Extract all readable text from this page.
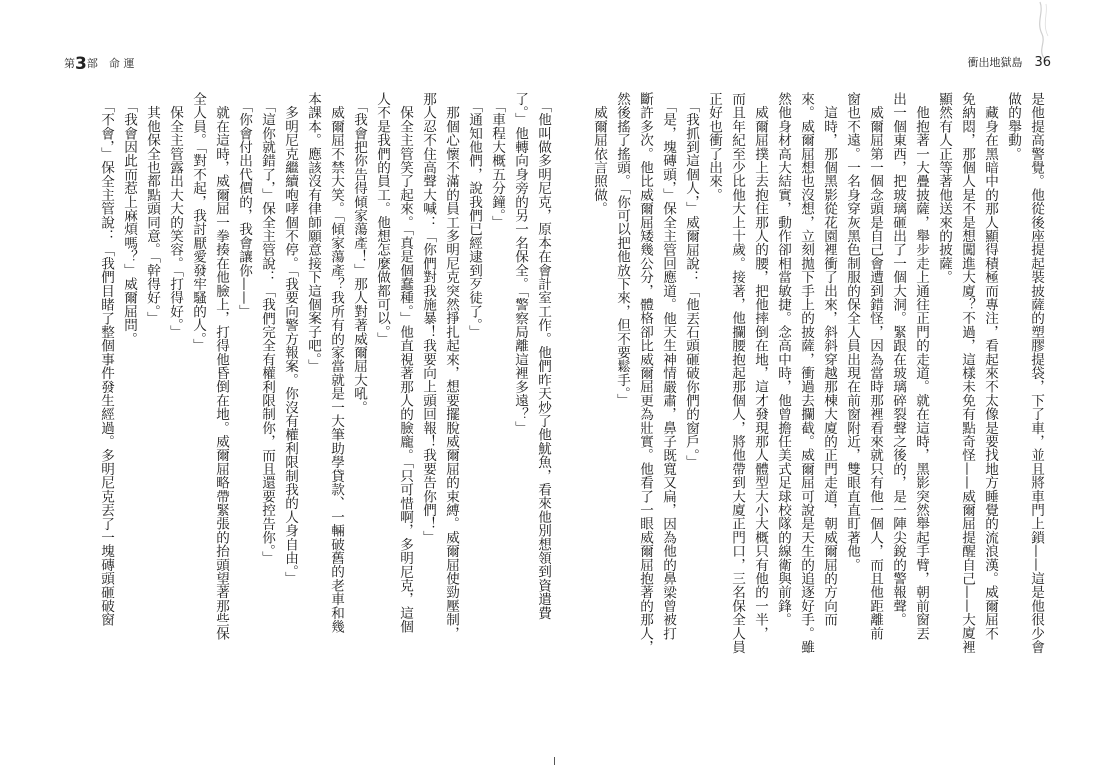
第3部　命 運	衝出地獄島 36
是他提高警覺。他從後座提起裝披薩的塑膠提袋，下了車，並且將車門上鎖——這是他很少會
做的舉動。
　藏身在黑暗中的那人顯得積極而專注，看起來不太像是要找地方睡覺的流浪漢。威爾屈不
免納悶，那個人是不是想闖進大廈？不過，這樣未免有點奇怪——威爾屈提醒自己——大廈裡
顯然有人正等著他送來的披薩。
　他抱著一大疊披薩，舉步走上通往正門的走道。就在這時，黑影突然舉起手臂，朝前窗丟
出一個東西，把玻璃砸出了一個大洞。緊跟在玻璃碎裂聲之後的，是一陣尖銳的警報聲。
　威爾屈第一個念頭是自己會遭到錯怪，因為當時那裡看來就只有他一個人，而且他距離前
窗也不遠。一名身穿灰黑色制服的保全人員出現在前窗附近，雙眼直直盯著他。
　這時，那個黑影從花園裡衝了出來，斜斜穿越那棟大廈的正門走道，朝威爾屈的方向而
來。威爾屈想也沒想，立刻拋下手上的披薩，衝過去攔截。威爾屈可說是天生的追逐好手。雖
然他身材高大結實，動作卻相當敏捷。念高中時，他曾擔任美式足球校隊的線衛與前鋒。
　威爾屈撲上去抱住那人的腰，把他摔倒在地，這才發現那人體型大小大概只有他的一半，
而且年紀至少比他大上十歲。接著，他攔腰抱起那個人，將他帶到大廈正門口，三名保全人員
正好也衝了出來。
　「我抓到這個人，」威爾屈說：「他丟石頭砸破你們的窗戶。」
　「是，塊磚頭，」保全主管回應道。他天生神情嚴肅，鼻子既寬又扁，因為他的鼻梁曾被打
斷許多次。他比威爾屈矮幾公分，體格卻比威爾屈更為壯實。他看了一眼威爾屈抱著的那人，
然後搖了搖頭。「你可以把他放下來，但不要鬆手。」
　威爾屈依言照做。
　「他叫做多明尼克，原本在會計室工作。他們昨天炒了他魷魚，看來他別想領到資遣費
了。」他轉向身旁的另一名保全。「警察局離這裡多遠？」
　「車程大概五分鐘。」
　「通知他們，說我們已經逮到歹徒了。」
　那個心懷不滿的員工多明尼克突然掙扎起來，想要擺脫威爾屈的束縛。威爾屈使勁壓制，
那人忍不住高聲大喊：「你們對我施暴！我要向上頭回報！我要告你們！」
　保全主管笑了起來。「真是個蠢種。」他直視著那人的臉龐。「只可惜啊，多明尼克，這個
人不是我們的員工。他想怎麼做都可以。」
　「我會把你告得傾家蕩產！」那人對著威爾屈大吼。
　威爾屈不禁大笑。「傾家蕩產？我所有的家當就是一大筆助學貸款、一輛破舊的老車和幾
本課本。應該沒有律師願意接下這個案子吧。」
　多明尼克繼續咆哮個不停。「我要向警方報案。你沒有權利限制我的人身自由。」
　「這你就錯了，」保全主管說：「我們完全有權利限制你，而且還要控告你。」
　「你會付出代價的，我會讓你——」
　就在這時，威爾屈一拳揍在他臉上，打得他昏倒在地。威爾屈略帶緊張的抬頭望著那些保
全人員。「對不起，我討厭愛發牢騷的人。」
　保全主管露出大大的笑容。「打得好。」
　其他保全也都點頭同意。「幹得好。」
　「我會因此而惹上麻煩嗎？」威爾屈問。
　「不會，」保全主管說：「我們目睹了整個事件發生經過。多明尼克丟了一塊磚頭砸破窗
